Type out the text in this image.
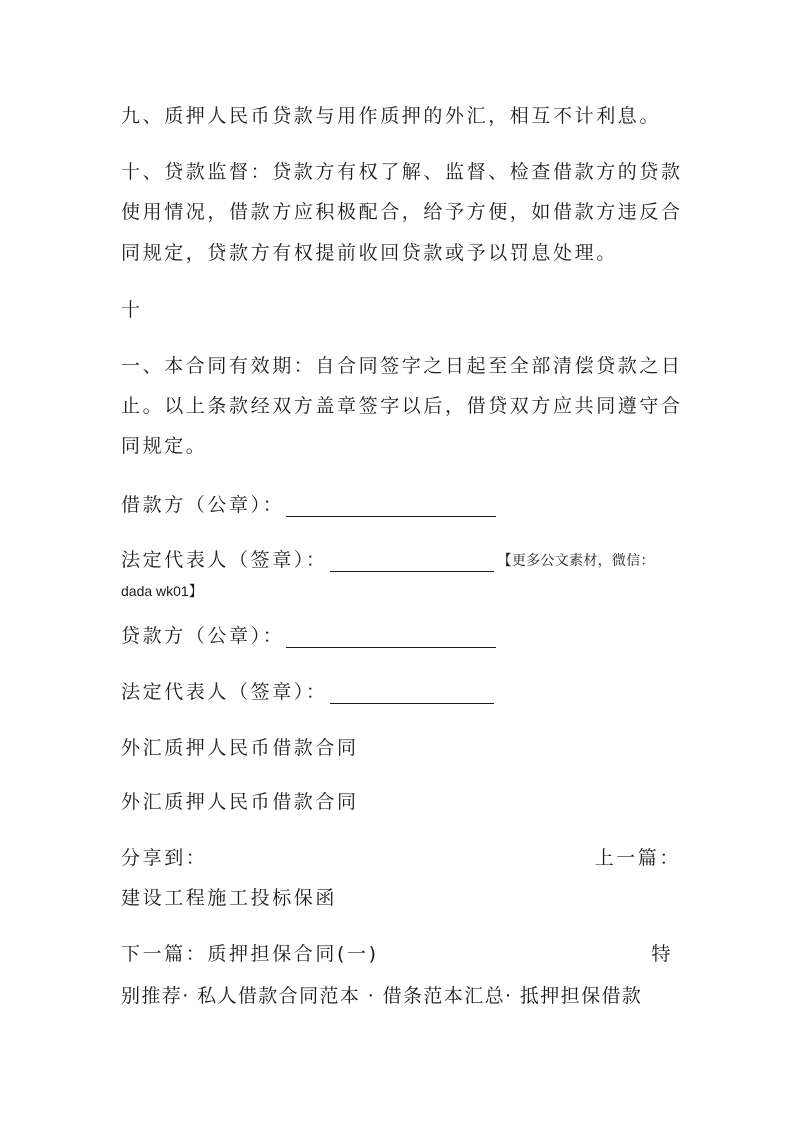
九、质押人民币贷款与用作质押的外汇，相互不计利息。
十、贷款监督：贷款方有权了解、监督、检查借款方的贷款
使用情况，借款方应积极配合，给予方便，如借款方违反合
同规定，贷款方有权提前收回贷款或予以罚息处理。
十
一、本合同有效期：自合同签字之日起至全部清偿贷款之日
止。以上条款经双方盖章签字以后，借贷双方应共同遵守合
同规定。
借款方（公章）：
法定代表人（签章）：	【更多公文素材，微信：
dada wk01】
贷款方（公章）：
法定代表人（签章）：
外汇质押人民币借款合同
外汇质押人民币借款合同
分享到：	上一篇：
建设工程施工投标保函
下一篇：质押担保合同(一)	特
别推荐· 私人借款合同范本 · 借条范本汇总· 抵押担保借款
